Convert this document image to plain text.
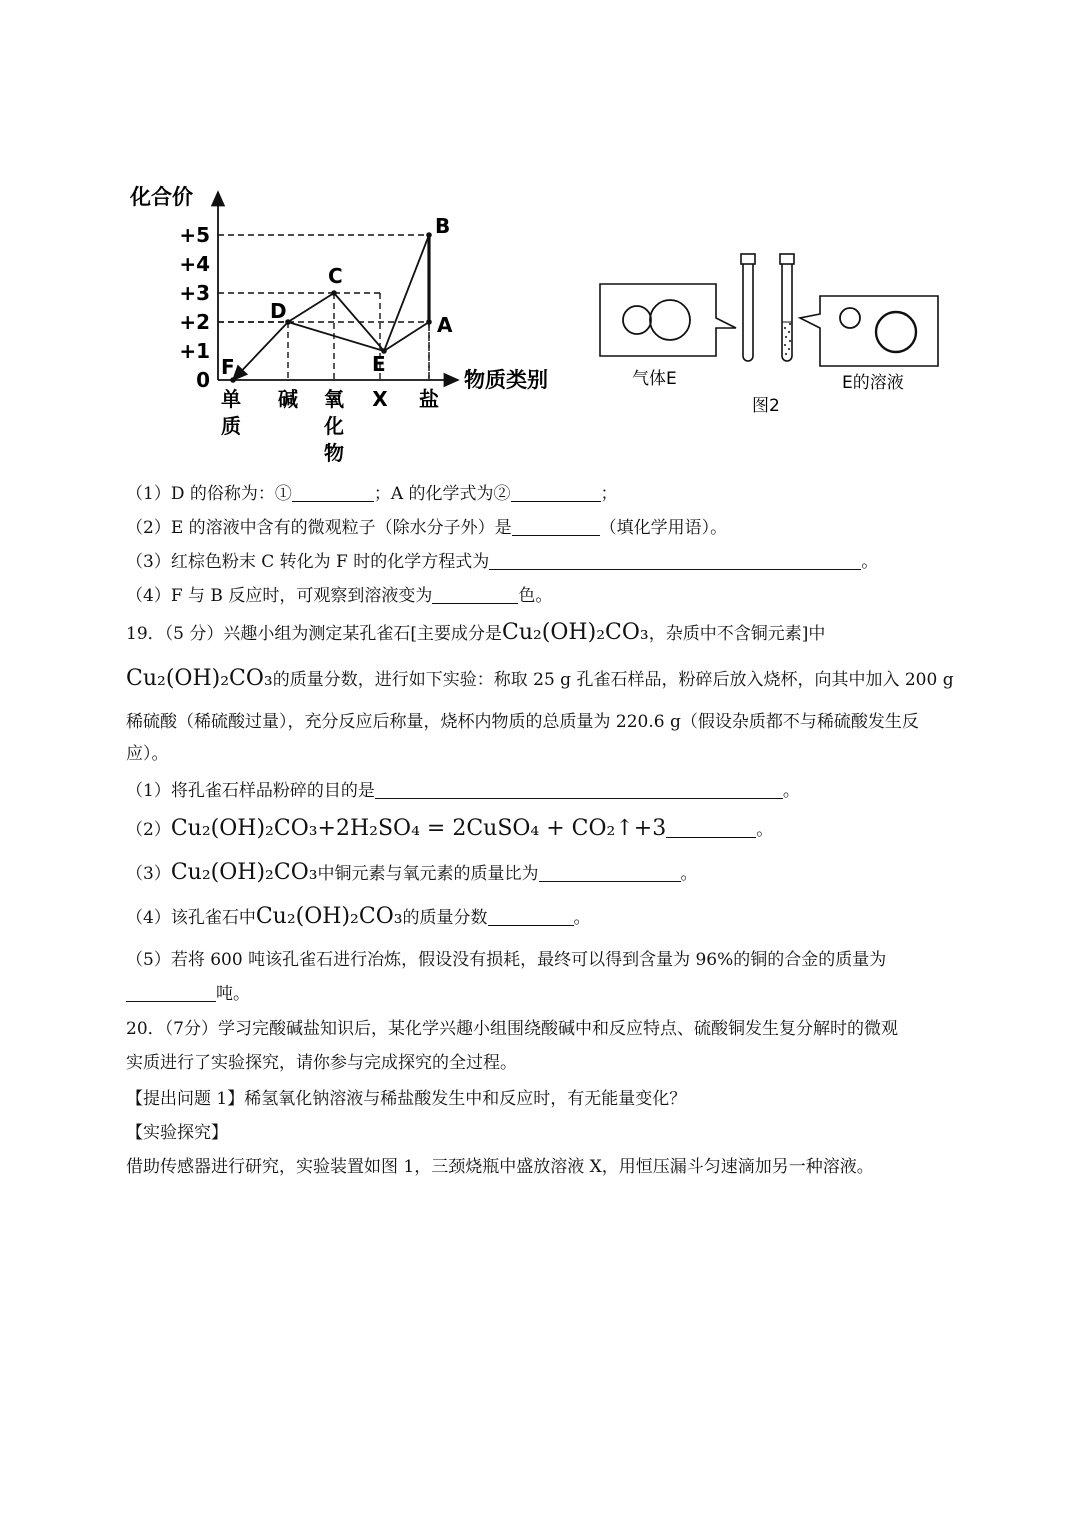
化合价
物质类别
+5
+4
+3
+2
+1
0
单
质
碱 氧
化
物
X 盐
B
C
D
A
E
F	气体E	E的溶液
图2
（1）D 的俗称为：①	；A 的化学式为②	；
（2）E 的溶液中含有的微观粒子（除水分子外）是	（填化学用语）。
（3）红棕色粉末 C 转化为 F 时的化学方程式为	。
（4）F 与 B 反应时，可观察到溶液变为	色。
19．（5 分）兴趣小组为测定某孔雀石[主要成分是Cu₂(OH)₂CO₃，杂质中不含铜元素]中
Cu₂(OH)₂CO₃的质量分数，进行如下实验：称取 25 g 孔雀石样品，粉碎后放入烧杯，向其中加入 200 g
稀硫酸（稀硫酸过量），充分反应后称量，烧杯内物质的总质量为 220.6 g（假设杂质都不与稀硫酸发生反
应）。
（1）将孔雀石样品粉碎的目的是	。
（2）Cu₂(OH)₂CO₃+2H₂SO₄ = 2CuSO₄ + CO₂↑+3	。
（3）Cu₂(OH)₂CO₃中铜元素与氧元素的质量比为	。
（4）该孔雀石中Cu₂(OH)₂CO₃的质量分数	。
（5）若将 600 吨该孔雀石进行冶炼，假设没有损耗，最终可以得到含量为 96%的铜的合金的质量为
吨。
20．（7分）学习完酸碱盐知识后，某化学兴趣小组围绕酸碱中和反应特点、硫酸铜发生复分解时的微观
实质进行了实验探究，请你参与完成探究的全过程。
【提出问题 1】稀氢氧化钠溶液与稀盐酸发生中和反应时，有无能量变化？
【实验探究】
借助传感器进行研究，实验装置如图 1，三颈烧瓶中盛放溶液 X，用恒压漏斗匀速滴加另一种溶液。
